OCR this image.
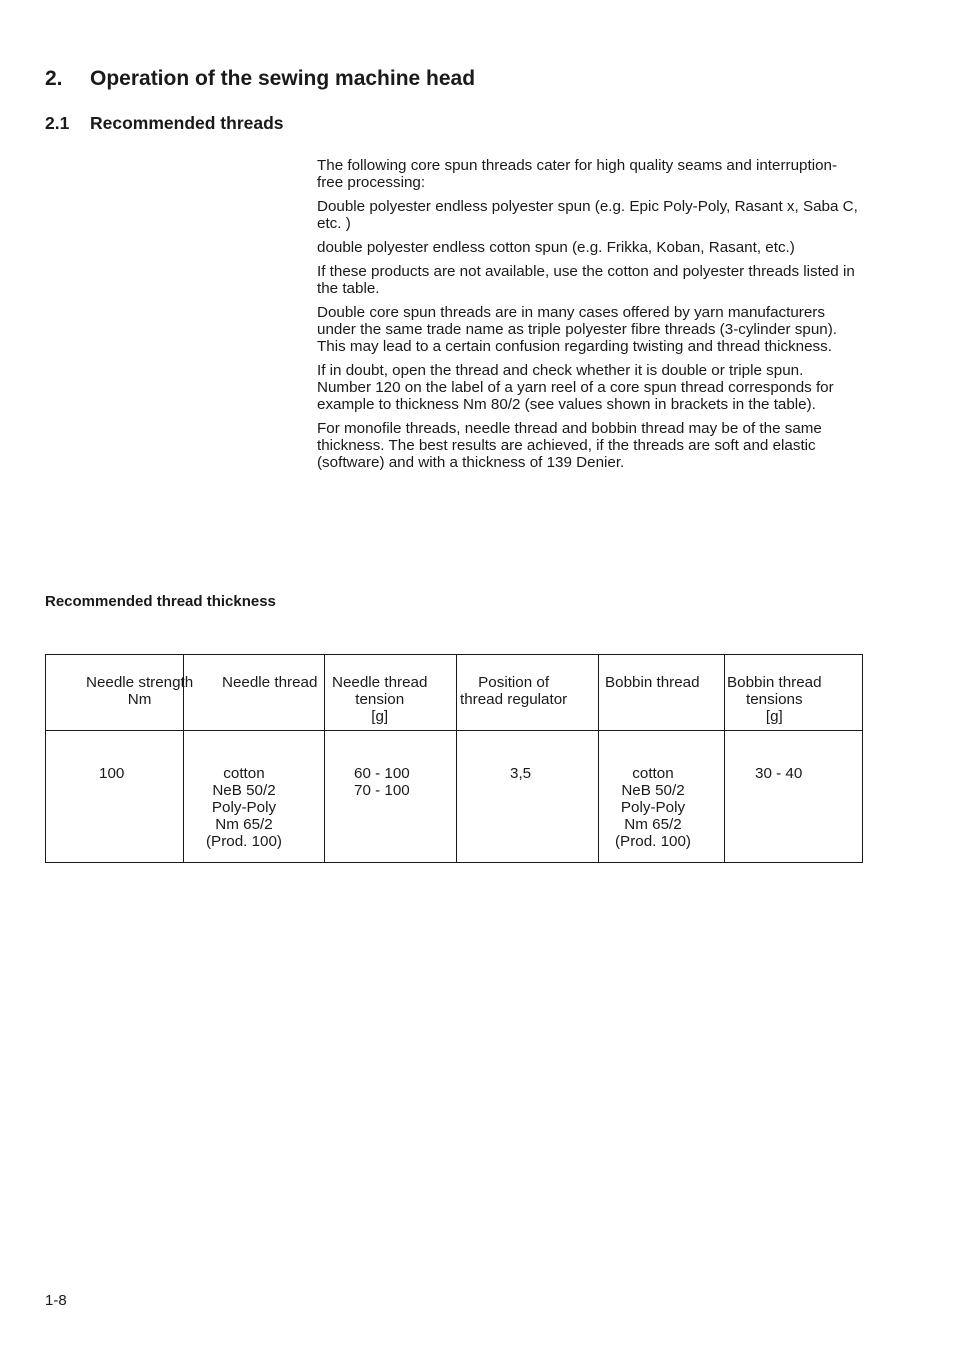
2. Operation of the sewing machine head
2.1 Recommended threads

The following core spun threads cater for high quality seams and interruption-free processing:

Double polyester endless polyester spun (e.g. Epic Poly-Poly, Rasant x, Saba C, etc. )

double polyester endless cotton spun (e.g. Frikka, Koban, Rasant, etc.)

If these products are not available, use the cotton and polyester threads listed in the table.

Double core spun threads are in many cases offered by yarn manufacturers under the same trade name as triple polyester fibre threads (3-cylinder spun). This may lead to a certain confusion regarding twisting and thread thickness.

If in doubt, open the thread and check whether it is double or triple spun.

Number 120 on the label of a yarn reel of a core spun thread corresponds for example to thickness Nm 80/2 (see values shown in brackets in the table).

For monofile threads, needle thread and bobbin thread may be of the same thickness. The best results are achieved, if the threads are soft and elastic (software) and with a thickness of 139 Denier.

Recommended thread thickness
Needle strength
Nm
Needle thread Needle thread
tension
[g]
Position of
thread regulator
Bobbin thread Bobbin thread
tensions
[g]
100	cotton
NeB 50/2
Poly-Poly
Nm 65/2
(Prod. 100)
60 - 100
70 - 100
3,5	cotton
NeB 50/2
Poly-Poly
Nm 65/2
(Prod. 100)
30 - 40
1-8
